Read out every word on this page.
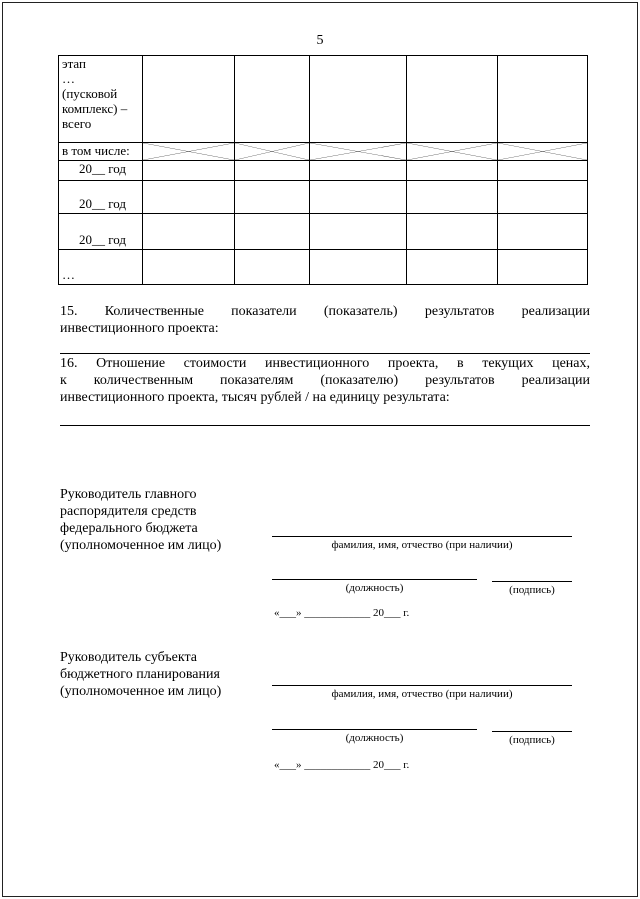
5
этап
…
(пусковой
комплекс) –
всего					
в том числе:	

20__ год					
20__ год					
20__ год					
…					
15. Количественные показатели (показатель) результатов реализации
инвестиционного проекта:
16. Отношение стоимости инвестиционного проекта, в текущих ценах,
к количественным показателям (показателю) результатов реализации
инвестиционного проекта, тысяч рублей / на единицу результата:
Руководитель главного
распорядителя средств
федерального бюджета
(уполномоченное им лицо)	фамилия, имя, отчество (при наличии)
(должность)	(подпись)
«___» ____________ 20___ г.
Руководитель субъекта
бюджетного планирования
(уполномоченное им лицо)	фамилия, имя, отчество (при наличии)
(должность)	(подпись)
«___» ____________ 20___ г.
